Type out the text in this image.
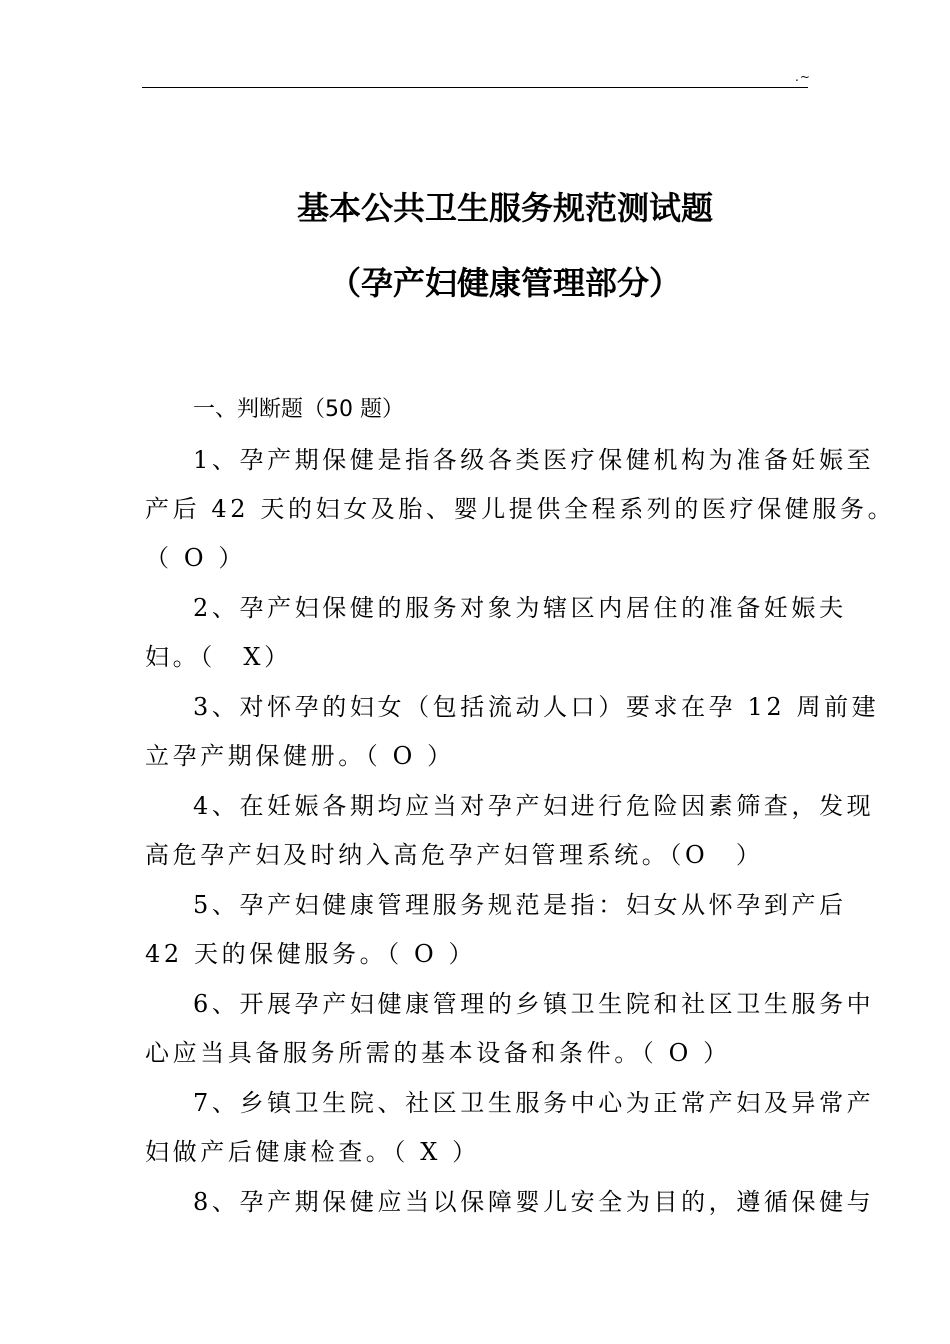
.~
基本公共卫生服务规范测试题
（孕产妇健康管理部分）
一、判断题（50 题）
1、孕产期保健是指各级各类医疗保健机构为准备妊娠至
产后 42 天的妇女及胎、婴儿提供全程系列的医疗保健服务。
（ O ）
2、孕产妇保健的服务对象为辖区内居住的准备妊娠夫
妇。（　X）
3、对怀孕的妇女（包括流动人口）要求在孕 12 周前建
立孕产期保健册。（ O ）
4、在妊娠各期均应当对孕产妇进行危险因素筛查，发现
高危孕产妇及时纳入高危孕产妇管理系统。（O　）
5、孕产妇健康管理服务规范是指：妇女从怀孕到产后
42 天的保健服务。（ O ）
6、开展孕产妇健康管理的乡镇卫生院和社区卫生服务中
心应当具备服务所需的基本设备和条件。（ O ）
7、乡镇卫生院、社区卫生服务中心为正常产妇及异常产
妇做产后健康检查。（ X ）
8、孕产期保健应当以保障婴儿安全为目的，遵循保健与
